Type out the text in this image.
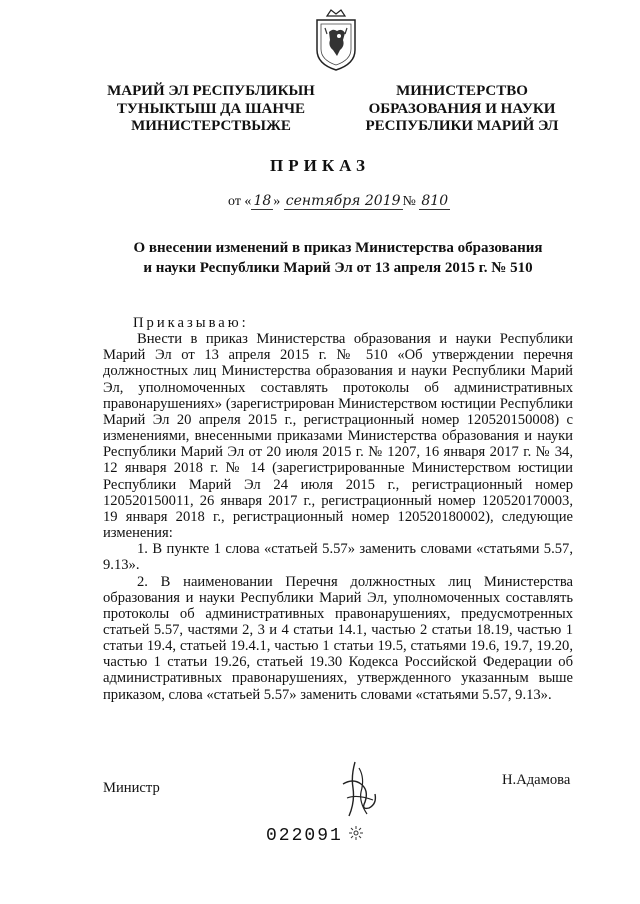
МАРИЙ ЭЛ РЕСПУБЛИКЫН
ТУНЫКТЫШ ДА ШАНЧЕ
МИНИСТЕРСТВЫЖЕ
МИНИСТЕРСТВО
ОБРАЗОВАНИЯ И НАУКИ
РЕСПУБЛИКИ МАРИЙ ЭЛ
ПРИКАЗ
от « 18 » сентября 2019 № 810
О внесении изменений в приказ Министерства образования
и науки Республики Марий Эл от 13 апреля 2015 г. № 510

Приказываю:

Внести в приказ Министерства образования и науки Республики Марий Эл от 13 апреля 2015 г. № 510 «Об утверждении перечня должностных лиц Министерства образования и науки Республики Марий Эл, уполномоченных составлять протоколы об административных правонарушениях» (зарегистрирован Министерством юстиции Республики Марий Эл 20 апреля 2015 г., регистрационный номер 120520150008) с изменениями, внесенными приказами Министерства образования и науки Республики Марий Эл от 20 июля 2015 г. № 1207, 16 января 2017 г. № 34, 12 января 2018 г. № 14 (зарегистрированные Министерством юстиции Республики Марий Эл 24 июля 2015 г., регистрационный номер 120520150011, 26 января 2017 г., регистрационный номер 120520170003, 19 января 2018 г., регистрационный номер 120520180002), следующие изменения:

1. В пункте 1 слова «статьей 5.57» заменить словами «статьями 5.57, 9.13».

2. В наименовании Перечня должностных лиц Министерства образования и науки Республики Марий Эл, уполномоченных составлять протоколы об административных правонарушениях, предусмотренных статьей 5.57, частями 2, 3 и 4 статьи 14.1, частью 2 статьи 18.19, частью 1 статьи 19.4, статьей 19.4.1, частью 1 статьи 19.5, статьями 19.6, 19.7, 19.20, частью 1 статьи 19.26, статьей 19.30 Кодекса Российской Федерации об административных правонарушениях, утвержденного указанным выше приказом, слова «статьей 5.57» заменить словами «статьями 5.57, 9.13».

Министр	Н.Адамова
022091
